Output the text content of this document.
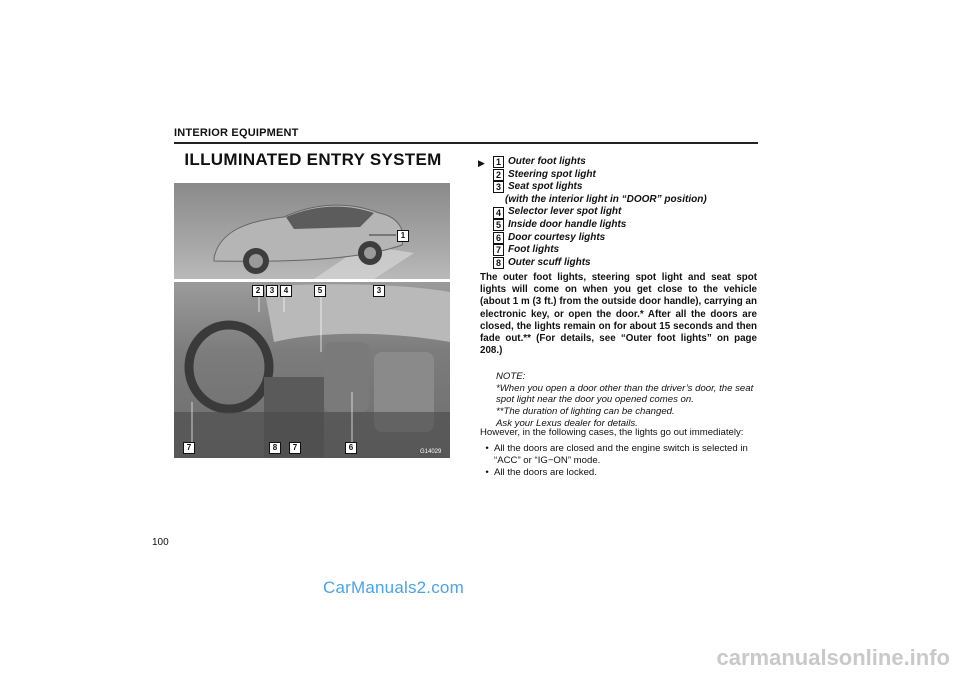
INTERIOR EQUIPMENT
ILLUMINATED ENTRY SYSTEM
1
2	3	4	5	3
7	8	7	6	G14029
▶	1 Outer foot lights
2 Steering spot light
3 Seat spot lights
(with the interior light in “DOOR” position)
4 Selector lever spot light
5 Inside door handle lights
6 Door courtesy lights
7 Foot lights
8 Outer scuff lights
The outer foot lights, steering spot light and seat spot lights will come on when you get close to the vehicle (about 1 m (3 ft.) from the outside door handle), carrying an electronic key, or open the door.* After all the doors are closed, the lights remain on for about 15 seconds and then fade out.** (For details, see “Outer foot lights” on page 208.)

NOTE:

*When you open a door other than the driver’s door, the seat spot light near the door you opened comes on.

**The duration of lighting can be changed.

Ask your Lexus dealer for details.

However, in the following cases, the lights go out immediately:
• All the doors are closed and the engine switch is selected in “ACC” or “IG−ON” mode.
• All the doors are locked.
100
CarManuals2.com
carmanualsonline.info
